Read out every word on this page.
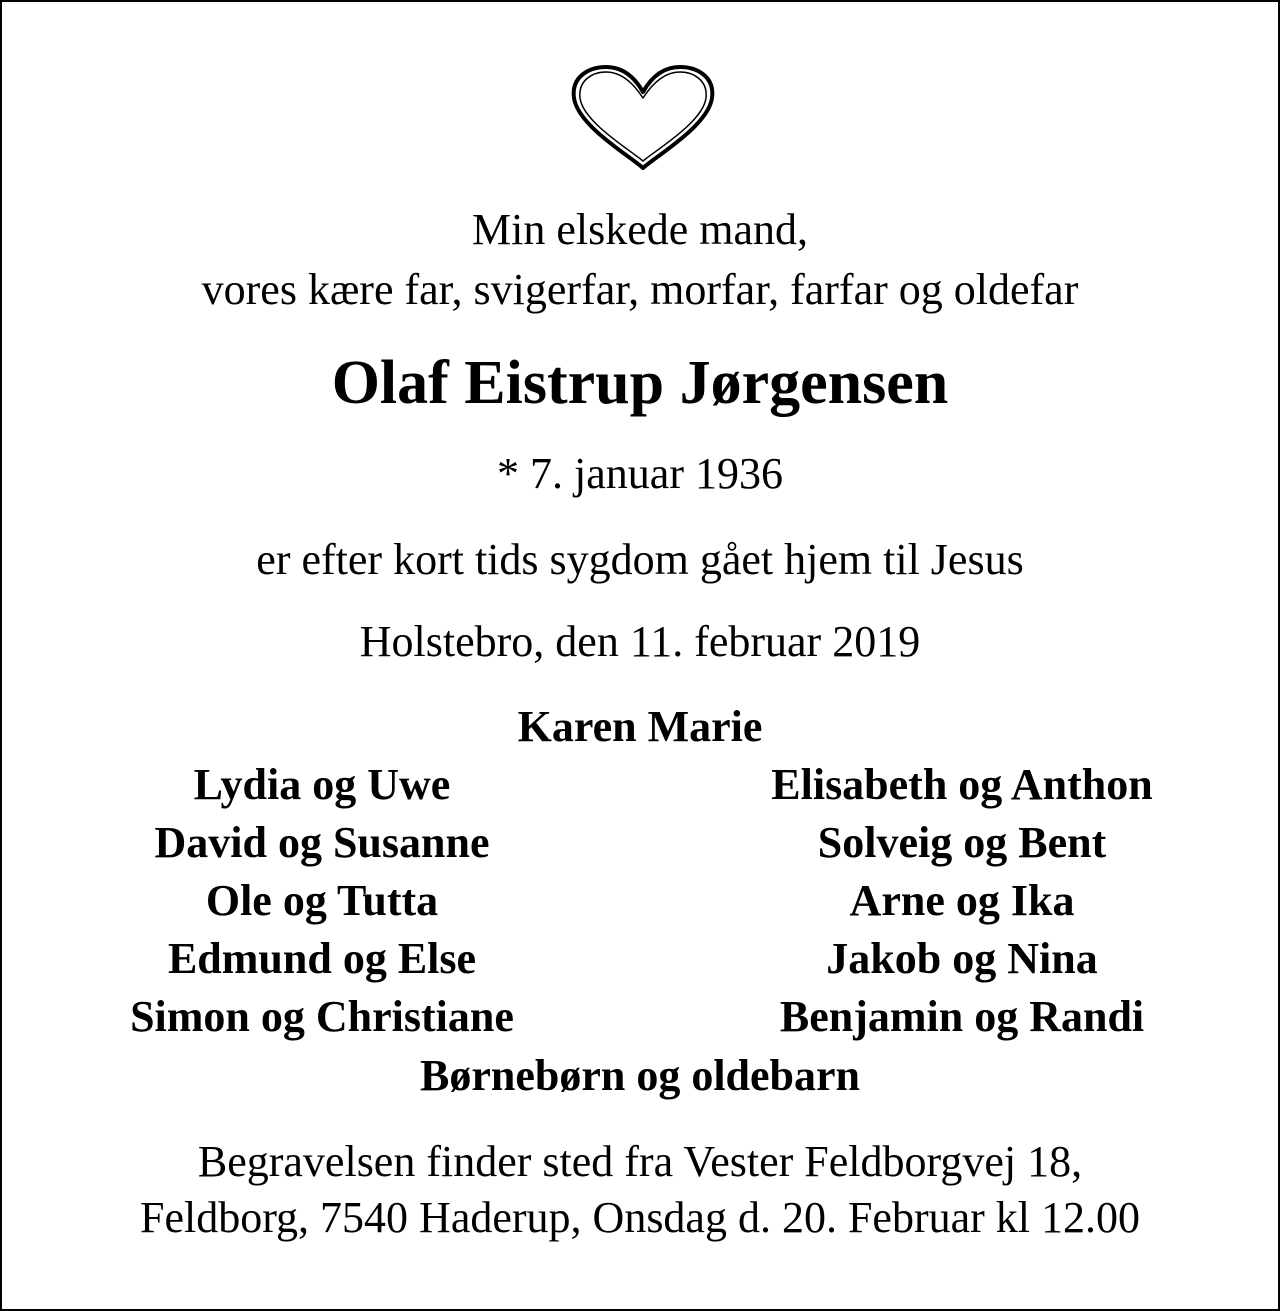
Min elskede mand,
vores kære far, svigerfar, morfar, farfar og oldefar
Olaf Eistrup Jørgensen
* 7. januar 1936
er efter kort tids sygdom gået hjem til Jesus
Holstebro, den 11. februar 2019
Karen Marie
Lydia og Uwe
David og Susanne
Ole og Tutta
Edmund og Else
Simon og Christiane
Elisabeth og Anthon
Solveig og Bent
Arne og Ika
Jakob og Nina
Benjamin og Randi
Børnebørn og oldebarn
Begravelsen finder sted fra Vester Feldborgvej 18,
Feldborg, 7540 Haderup, Onsdag d. 20. Februar kl 12.00
